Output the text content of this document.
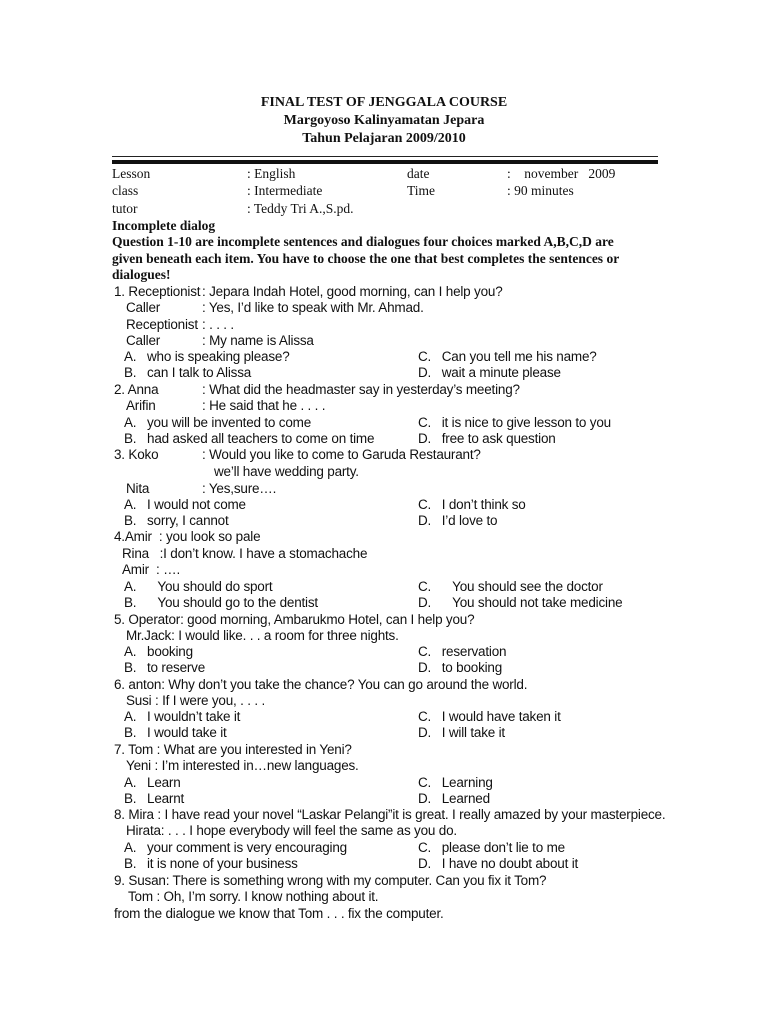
FINAL TEST OF JENGGALA COURSE
Margoyoso Kalinyamatan Jepara
Tahun Pelajaran 2009/2010
Lesson	: English	date	:    november   2009
class	: Intermediate	Time	: 90 minutes
tutor	: Teddy Tri A.,S.pd.
Incomplete dialog
Question 1-10 are incomplete sentences and dialogues four choices marked A,B,C,D are
given beneath each item. You have to choose the one that best completes the sentences or
dialogues!
1. Receptionist : Jepara Indah Hotel, good morning, can I help you?
Caller	: Yes, I’d like to speak with Mr. Ahmad.
Receptionist : . . . .
Caller	: My name is Alissa
A.   who is speaking please?	C.   Can you tell me his name?
B.   can I talk to Alissa	D.   wait a minute please
2. Anna	: What did the headmaster say in yesterday’s meeting?
Arifin	: He said that he . . . .
A.   you will be invented to come	C.   it is nice to give lesson to you
B.   had asked all teachers to come on time	D.   free to ask question
3. Koko	: Would you like to come to Garuda Restaurant?
we’ll have wedding party.
Nita	: Yes,sure….
A.   I would not come	C.   I don’t think so
B.   sorry, I cannot	D.   I’d love to
4.Amir  : you look so pale
Rina   :I don’t know. I have a stomachache
Amir  : ….
A.      You should do sport	C.      You should see the doctor
B.      You should go to the dentist	D.      You should not take medicine
5. Operator: good morning, Ambarukmo Hotel, can I help you?
Mr.Jack: I would like. . . a room for three nights.
A.   booking	C.   reservation
B.   to reserve	D.   to booking
6. anton: Why don’t you take the chance? You can go around the world.
Susi : If I were you, . . . .
A.   I wouldn’t take it	C.   I would have taken it
B.   I would take it	D.   I will take it
7. Tom : What are you interested in Yeni?
Yeni : I’m interested in…new languages.
A.   Learn	C.   Learning
B.   Learnt	D.   Learned
8. Mira : I have read your novel “Laskar Pelangi”it is great. I really amazed by your masterpiece.
Hirata: . . . I hope everybody will feel the same as you do.
A.   your comment is very encouraging	C.   please don’t lie to me
B.   it is none of your business	D.   I have no doubt about it
9. Susan: There is something wrong with my computer. Can you fix it Tom?
Tom : Oh, I’m sorry. I know nothing about it.
from the dialogue we know that Tom . . . fix the computer.
